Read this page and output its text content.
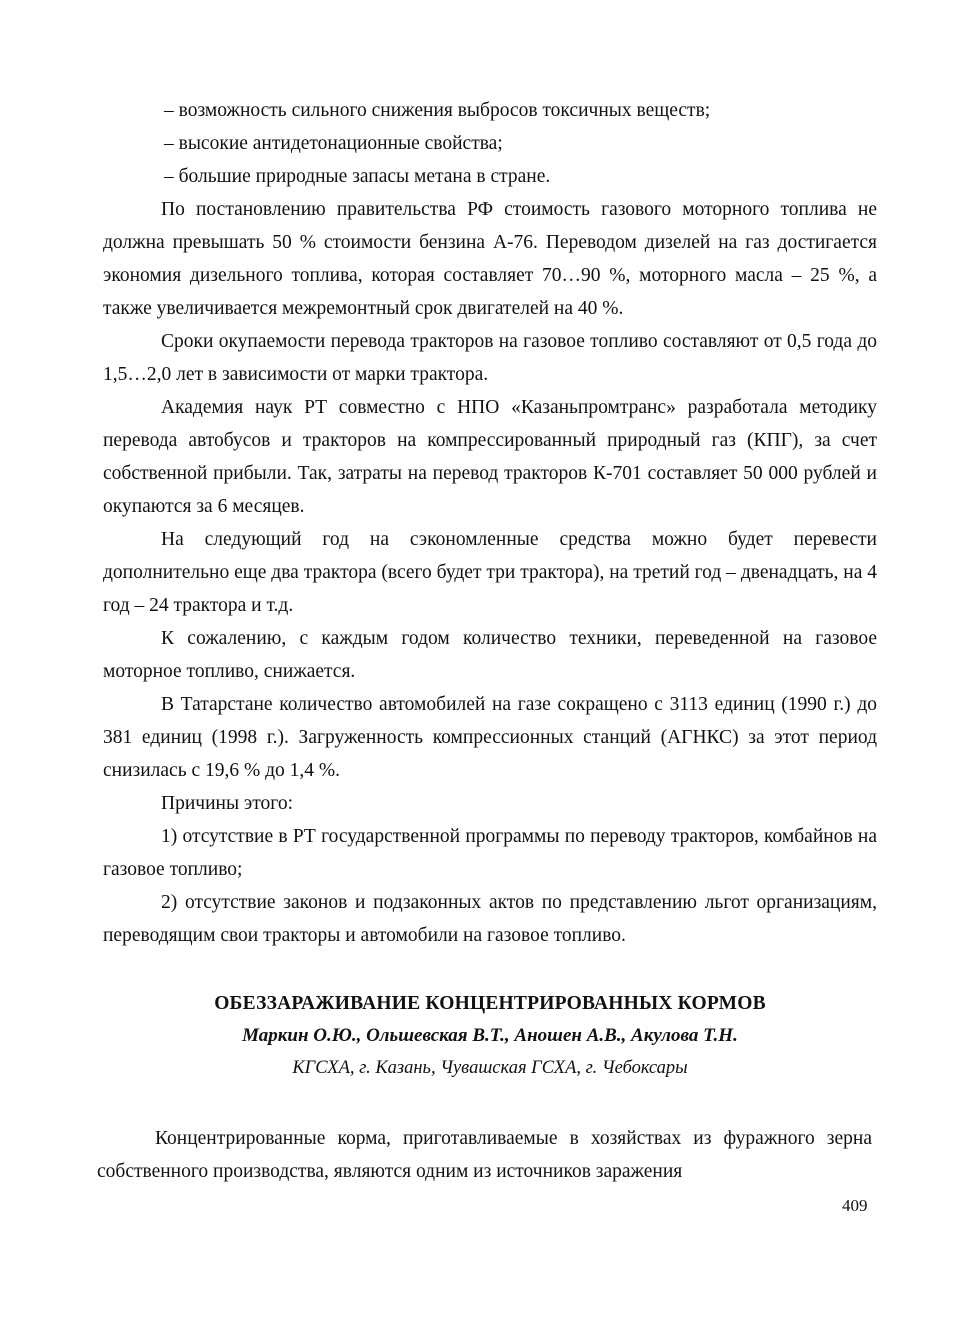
– возможность сильного снижения выбросов токсичных веществ;

– высокие антидетонационные свойства;

– большие природные запасы метана в стране.

По постановлению правительства РФ стоимость газового моторного топлива не должна превышать 50 % стоимости бензина А-76. Переводом дизелей на газ достигается экономия дизельного топлива, которая составляет 70…90 %, моторного масла – 25 %, а также увеличивается межремонтный срок двигателей на 40 %.

Сроки окупаемости перевода тракторов на газовое топливо составляют от 0,5 года до 1,5…2,0 лет в зависимости от марки трактора.

Академия наук РТ совместно с НПО «Казаньпромтранс» разработала методику перевода автобусов и тракторов на компрессированный природный газ (КПГ), за счет собственной прибыли. Так, затраты на перевод тракторов К-701 составляет 50 000 рублей и окупаются за 6 месяцев.

На следующий год на сэкономленные средства можно будет перевести дополнительно еще два трактора (всего будет три трактора), на третий год – двенадцать, на 4 год – 24 трактора и т.д.

К сожалению, с каждым годом количество техники, переведенной на газовое моторное топливо, снижается.

В Татарстане количество автомобилей на газе сокращено с 3113 единиц (1990 г.) до 381 единиц (1998 г.). Загруженность компрессионных станций (АГНКС) за этот период снизилась с 19,6 % до 1,4 %.

Причины этого:

1) отсутствие в РТ государственной программы по переводу тракторов, комбайнов на газовое топливо;

2) отсутствие законов и подзаконных актов по представлению льгот организациям, переводящим свои тракторы и автомобили на газовое топливо.

ОБЕЗЗАРАЖИВАНИЕ КОНЦЕНТРИРОВАННЫХ КОРМОВ

Маркин О.Ю., Ольшевская В.Т., Аношен А.В., Акулова Т.Н.

КГСХА, г. Казань, Чувашская ГСХА, г. Чебоксары

Концентрированные корма, приготавливаемые в хозяйствах из фуражного зерна собственного производства, являются одним из источников заражения

409
